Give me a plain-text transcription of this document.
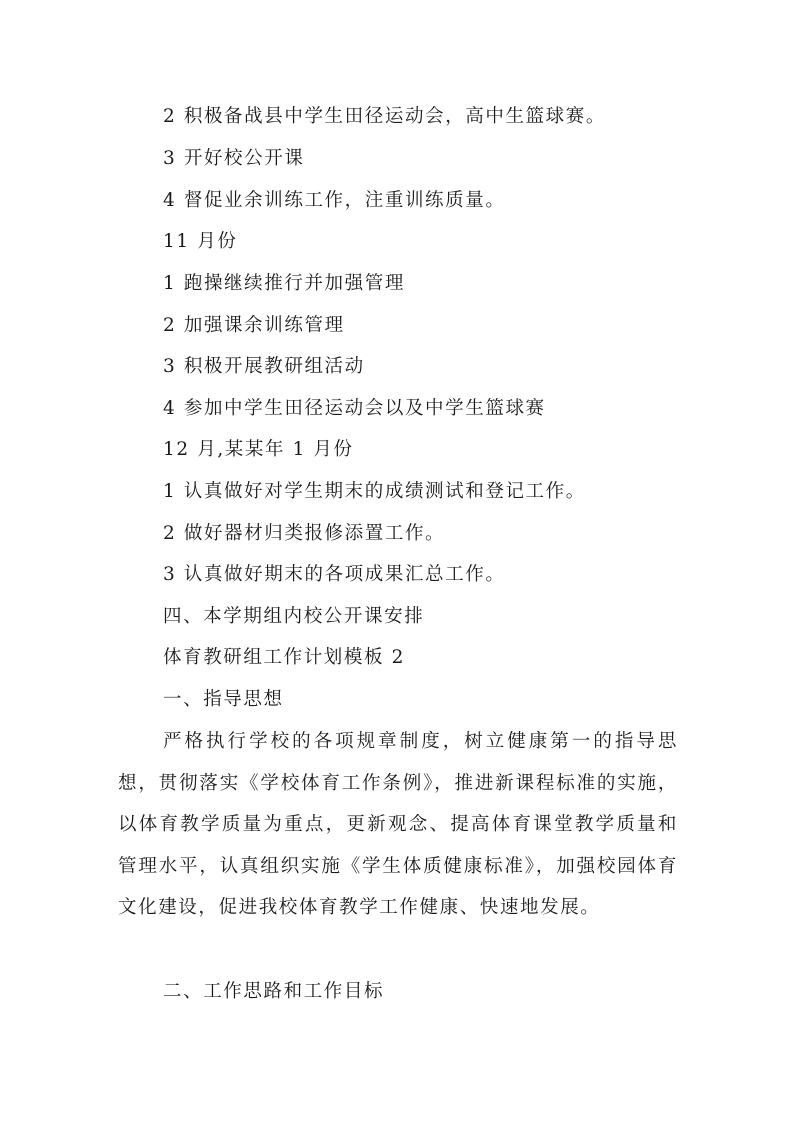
2 积极备战县中学生田径运动会，高中生篮球赛。
3 开好校公开课
4 督促业余训练工作，注重训练质量。
11 月份
1 跑操继续推行并加强管理
2 加强课余训练管理
3 积极开展教研组活动
4 参加中学生田径运动会以及中学生篮球赛
12 月,某某年 1 月份
1 认真做好对学生期末的成绩测试和登记工作。
2 做好器材归类报修添置工作。
3 认真做好期末的各项成果汇总工作。
四、本学期组内校公开课安排
体育教研组工作计划模板 2
一、指导思想
严格执行学校的各项规章制度，树立健康第一的指导思想，贯彻落实《学校体育工作条例》，推进新课程标准的实施，以体育教学质量为重点，更新观念、提高体育课堂教学质量和管理水平，认真组织实施《学生体质健康标准》，加强校园体育文化建设，促进我校体育教学工作健康、快速地发展。
二、工作思路和工作目标
